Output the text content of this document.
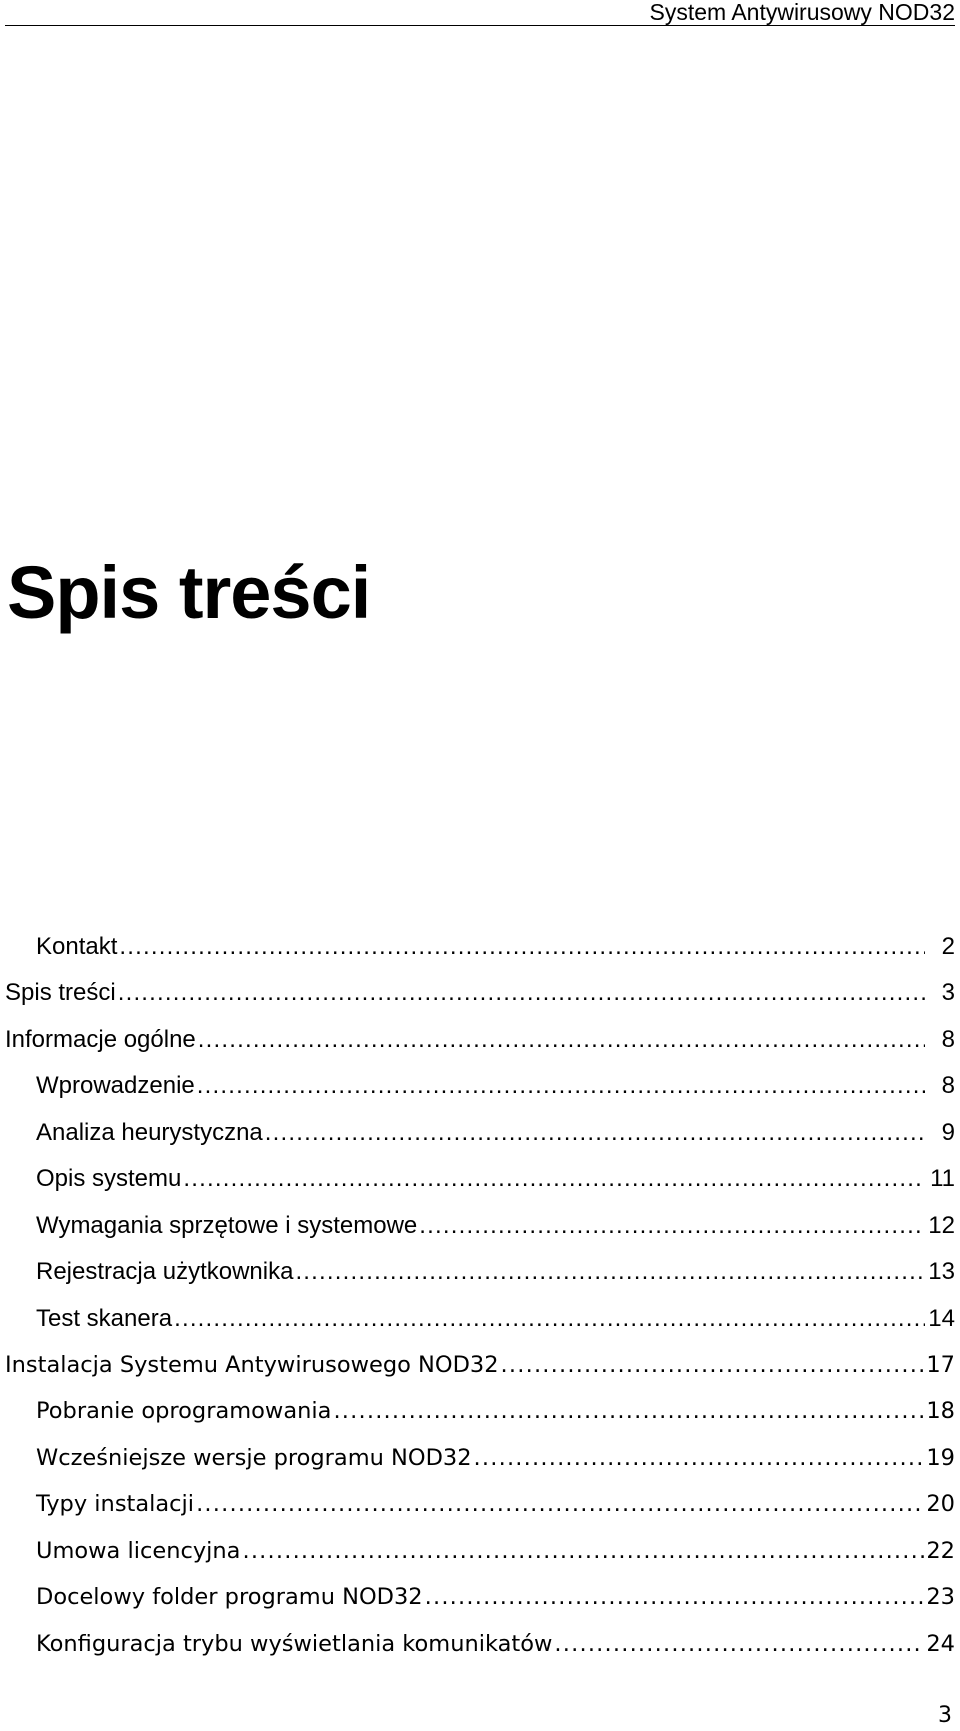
System Antywirusowy NOD32
Spis treści
Kontakt .....	2
Spis treści .....	3
Informacje ogólne .....	8
Wprowadzenie .....	8
Analiza heurystyczna .....	9
Opis systemu .....	11
Wymagania sprzętowe i systemowe .....	12
Rejestracja użytkownika .....	13
Test skanera .....	14
Instalacja Systemu Antywirusowego NOD32 .....	17
Pobranie oprogramowania .....	18
Wcześniejsze wersje programu NOD32 .....	19
Typy instalacji .....	20
Umowa licencyjna .....	22
Docelowy folder programu NOD32 .....	23
Konfiguracja trybu wyświetlania komunikatów .....	24
3
